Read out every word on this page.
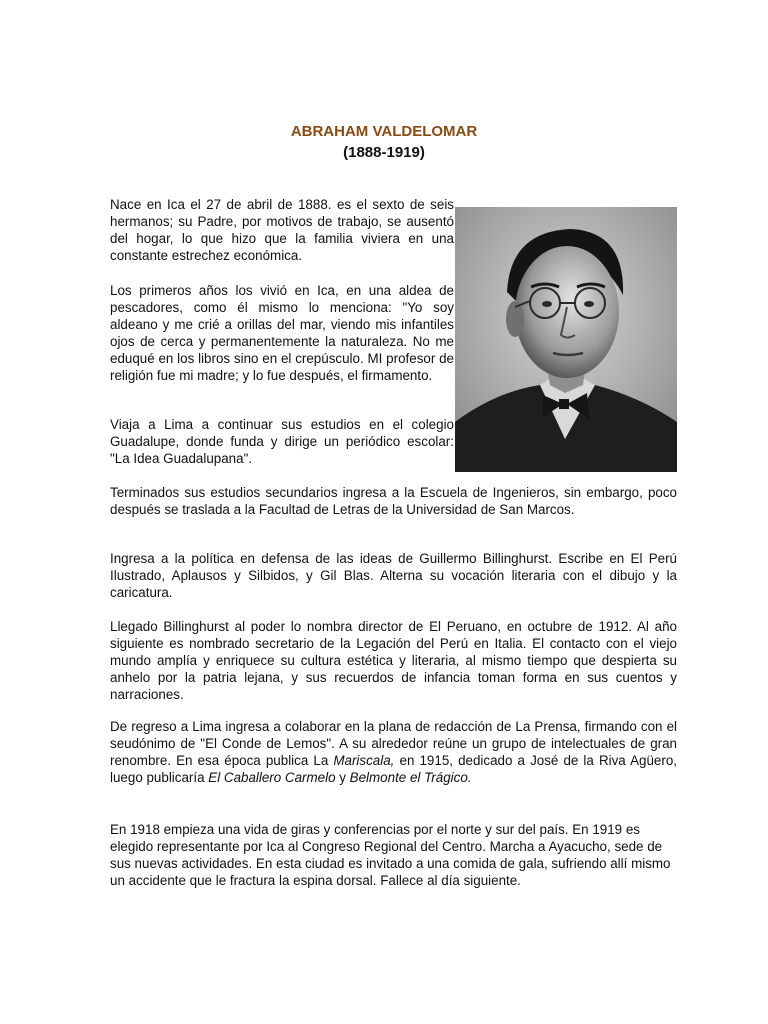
ABRAHAM VALDELOMAR
(1888-1919)

Nace en Ica el 27 de abril de 1888. es el sexto de seis hermanos; su Padre, por motivos de trabajo, se ausentó del hogar, lo que hizo que la familia viviera en una constante estrechez económica.

Los primeros años los vivió en Ica, en una aldea de pescadores, como él mismo lo menciona: "Yo soy aldeano y me crié a orillas del mar, viendo mis infantiles ojos de cerca y permanentemente la naturaleza. No me eduqué en los libros sino en el crepúsculo. MI profesor de religión fue mi madre; y lo fue después, el firmamento.

Viaja a Lima a continuar sus estudios en el colegio Guadalupe, donde funda y dirige un periódico escolar: "La Idea Guadalupana".

Terminados sus estudios secundarios ingresa a la Escuela de Ingenieros, sin embargo, poco después se traslada a la Facultad de Letras de la Universidad de San Marcos.

Ingresa a la política en defensa de las ideas de Guillermo Billinghurst. Escribe en El Perú Ilustrado, Aplausos y Silbidos, y Gil Blas. Alterna su vocación literaria con el dibujo y la caricatura.

Llegado Billinghurst al poder lo nombra director de El Peruano, en octubre de 1912. Al año siguiente es nombrado secretario de la Legación del Perú en Italia. El contacto con el viejo mundo amplía y enriquece su cultura estética y literaria, al mismo tiempo que despierta su anhelo por la patria lejana, y sus recuerdos de infancia toman forma en sus cuentos y narraciones.

De regreso a Lima ingresa a colaborar en la plana de redacción de La Prensa, firmando con el seudónimo de "El Conde de Lemos". A su alrededor reúne un grupo de intelectuales de gran renombre. En esa época publica La Mariscala, en 1915, dedicado a José de la Riva Agüero, luego publicaría El Caballero Carmelo y Belmonte el Trágico.

En 1918 empieza una vida de giras y conferencias por el norte y sur del país. En 1919 es elegido representante por Ica al Congreso Regional del Centro. Marcha a Ayacucho, sede de sus nuevas actividades. En esta ciudad es invitado a una comida de gala, sufriendo allí mismo un accidente que le fractura la espina dorsal. Fallece al día siguiente.
